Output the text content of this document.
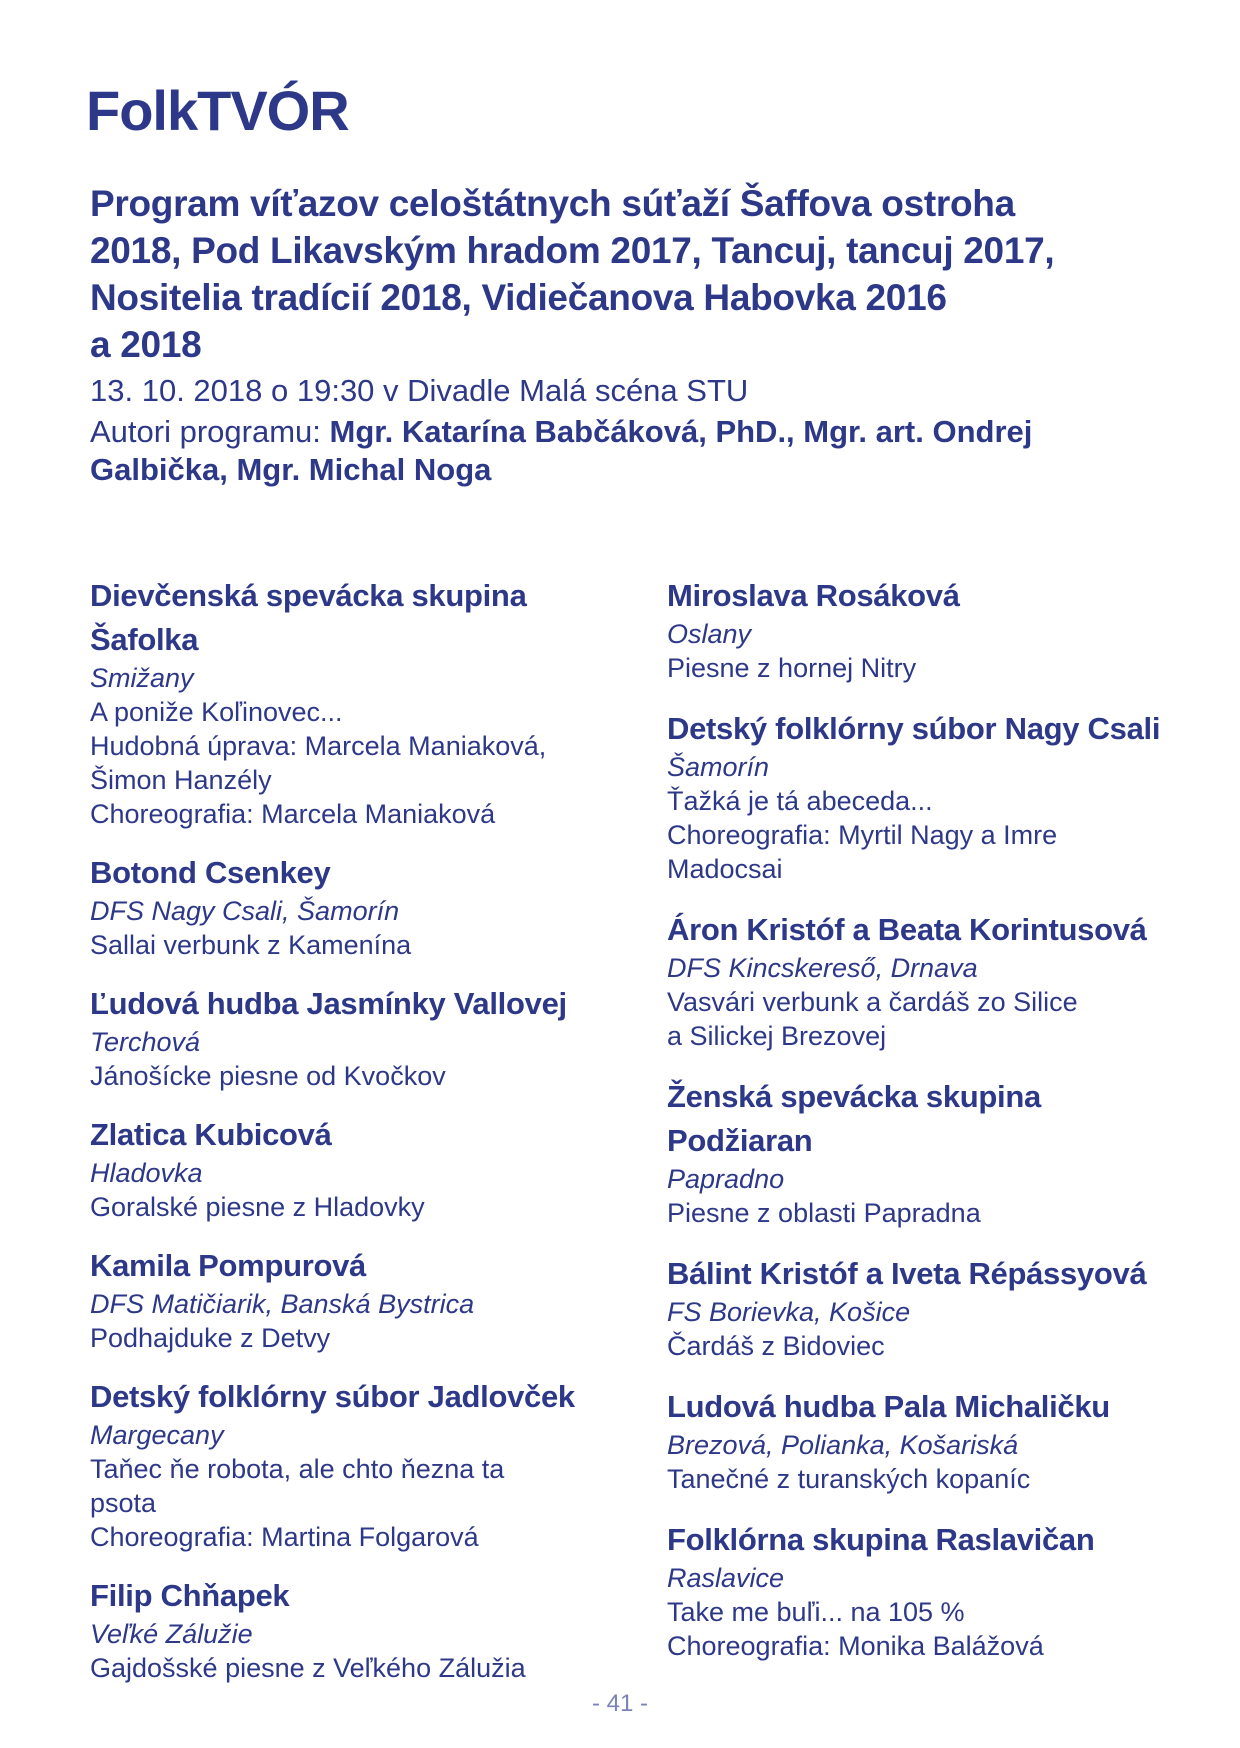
FolkTVÓR
Program víťazov celoštátnych súťaží Šaffova ostroha
2018, Pod Likavským hradom 2017, Tancuj, tancuj 2017,
Nositelia tradícií 2018, Vidiečanova Habovka 2016
a 2018

13. 10. 2018 o 19:30 v Divadle Malá scéna STU

Autori programu: Mgr. Katarína Babčáková, PhD., Mgr. art. Ondrej
Galbička, Mgr. Michal Noga
Dievčenská spevácka skupina
Šafolka
Smižany
A poniže Koľinovec...
Hudobná úprava: Marcela Maniaková,
Šimon Hanzély
Choreografia: Marcela Maniaková
Botond Csenkey
DFS Nagy Csali, Šamorín
Sallai verbunk z Kamenína
Ľudová hudba Jasmínky Vallovej
Terchová
Jánošícke piesne od Kvočkov
Zlatica Kubicová
Hladovka
Goralské piesne z Hladovky
Kamila Pompurová
DFS Matičiarik, Banská Bystrica
Podhajduke z Detvy
Detský folklórny súbor Jadlovček
Margecany
Taňec ňe robota, ale chto ňezna ta
psota
Choreografia: Martina Folgarová
Filip Chňapek
Veľké Zálužie
Gajdošské piesne z Veľkého Zálužia
Miroslava Rosáková
Oslany
Piesne z hornej Nitry
Detský folklórny súbor Nagy Csali
Šamorín
Ťažká je tá abeceda...
Choreografia: Myrtil Nagy a Imre
Madocsai
Áron Kristóf a Beata Korintusová
DFS Kincskereső, Drnava
Vasvári verbunk a čardáš zo Silice
a Silickej Brezovej
Ženská spevácka skupina
Podžiaran
Papradno
Piesne z oblasti Papradna
Bálint Kristóf a Iveta Répássyová
FS Borievka, Košice
Čardáš z Bidoviec
Ludová hudba Pala Michaličku
Brezová, Polianka, Košariská
Tanečné z turanských kopaníc
Folklórna skupina Raslavičan
Raslavice
Take me buľi... na 105 %
Choreografia: Monika Balážová
- 41 -
